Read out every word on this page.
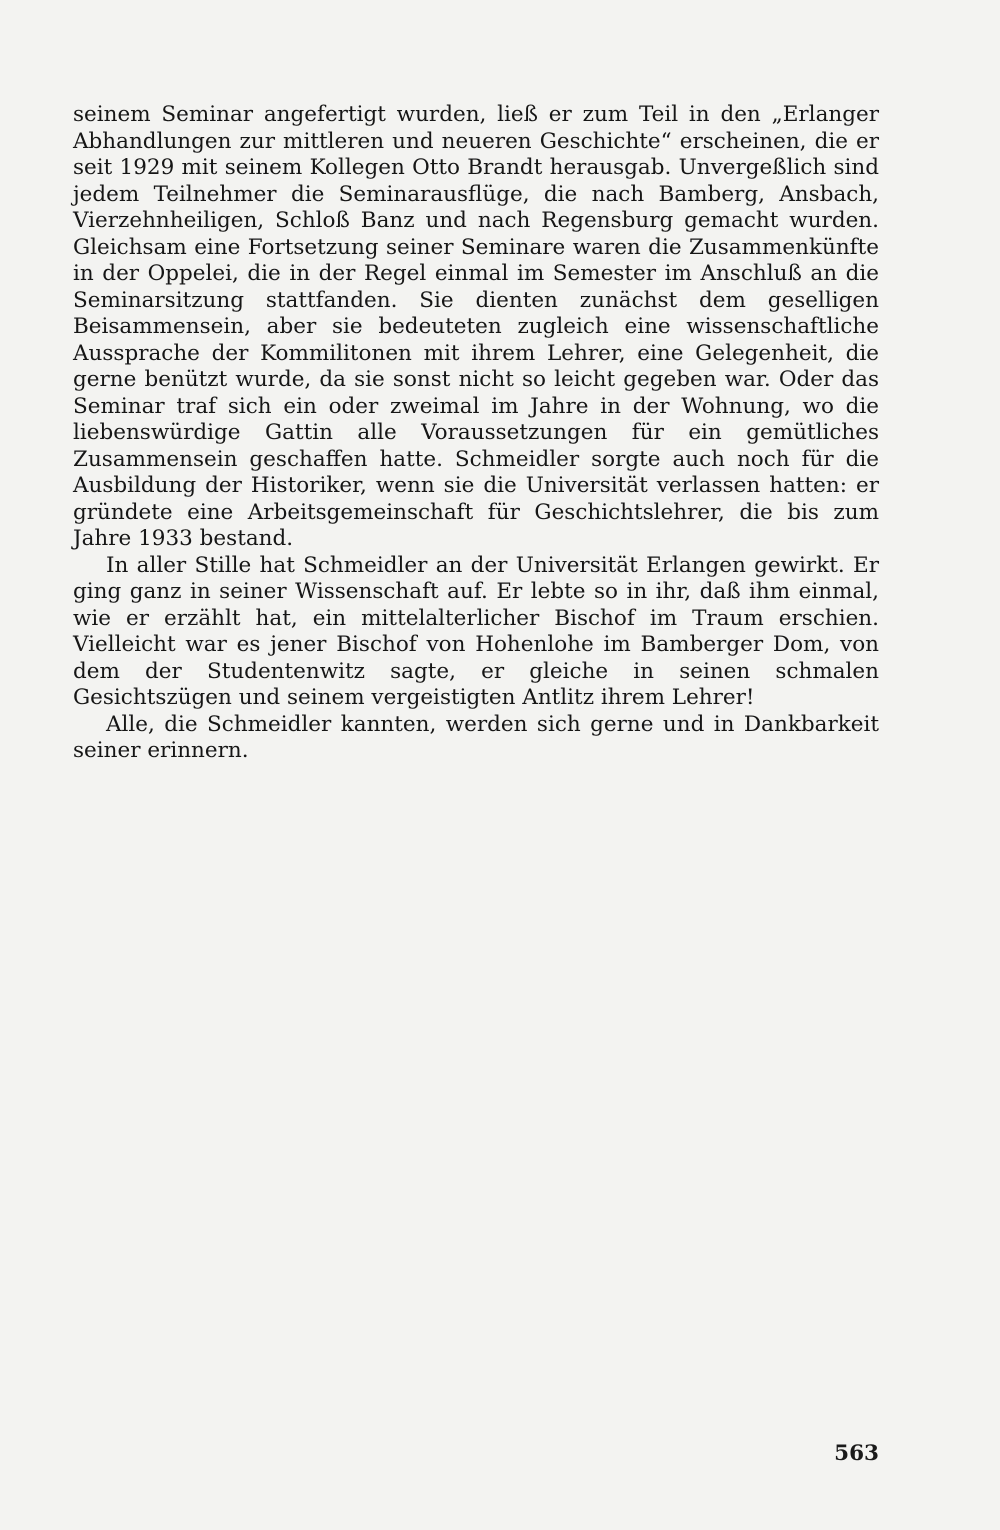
seinem Seminar angefertigt wurden, ließ er zum Teil in den „Erlanger Abhandlungen zur mittleren und neueren Geschichte“ erscheinen, die er seit 1929 mit seinem Kollegen Otto Brandt herausgab. Unvergeßlich sind jedem Teilnehmer die Seminarausflüge, die nach Bamberg, Ansbach, Vierzehnheiligen, Schloß Banz und nach Regensburg gemacht wurden. Gleichsam eine Fortsetzung seiner Seminare waren die Zusammenkünfte in der Oppelei, die in der Regel einmal im Semester im Anschluß an die Seminarsitzung stattfanden. Sie dienten zunächst dem geselligen Beisammensein, aber sie bedeuteten zugleich eine wissenschaftliche Aussprache der Kommilitonen mit ihrem Lehrer, eine Gelegenheit, die gerne benützt wurde, da sie sonst nicht so leicht gegeben war. Oder das Seminar traf sich ein oder zweimal im Jahre in der Wohnung, wo die liebenswürdige Gattin alle Voraussetzungen für ein gemütliches Zusammensein geschaffen hatte. Schmeidler sorgte auch noch für die Ausbildung der Historiker, wenn sie die Universität verlassen hatten: er gründete eine Arbeitsgemeinschaft für Geschichtslehrer, die bis zum Jahre 1933 bestand.

In aller Stille hat Schmeidler an der Universität Erlangen gewirkt. Er ging ganz in seiner Wissenschaft auf. Er lebte so in ihr, daß ihm einmal, wie er erzählt hat, ein mittelalterlicher Bischof im Traum erschien. Vielleicht war es jener Bischof von Hohenlohe im Bamberger Dom, von dem der Studentenwitz sagte, er gleiche in seinen schmalen Gesichtszügen und seinem vergeistigten Antlitz ihrem Lehrer!

Alle, die Schmeidler kannten, werden sich gerne und in Dankbarkeit seiner erinnern.

563
